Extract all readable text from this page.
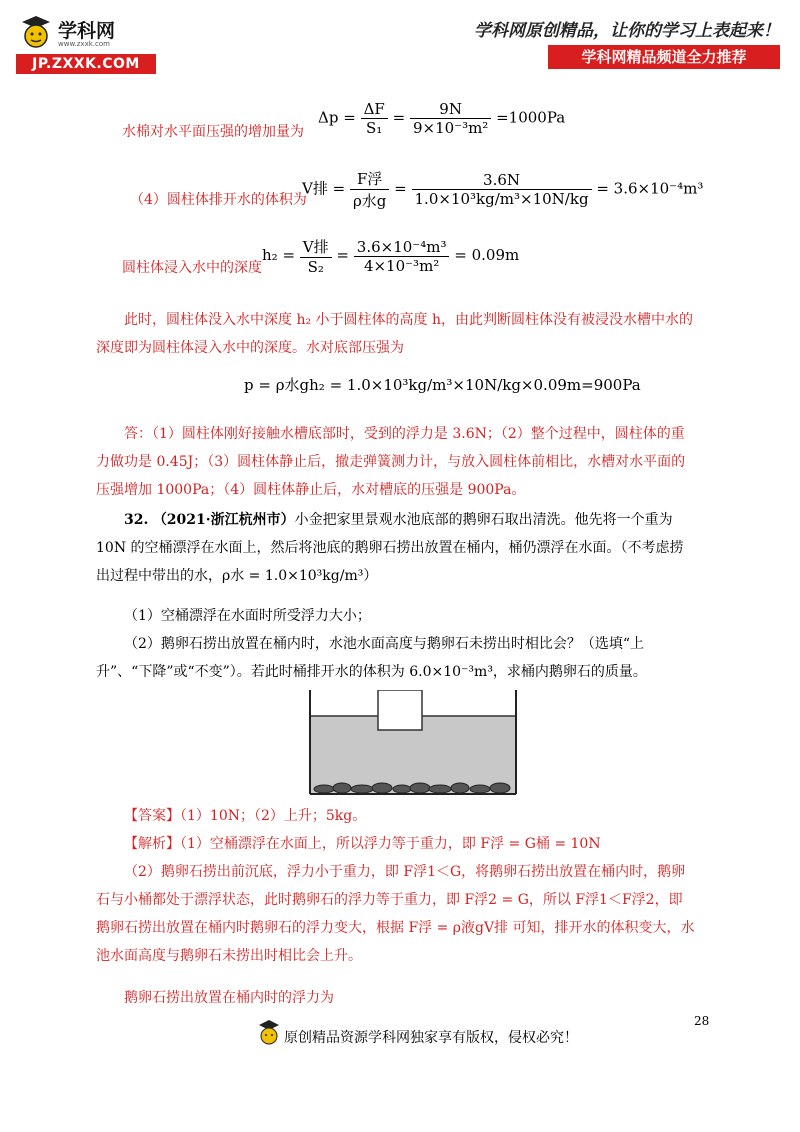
学科网
www.zxxk.com
JP.ZXXK.COM
学科网原创精品，让你的学习上表起来！
学科网精品频道全力推荐
水棉对水平面压强的增加量为
$\Delta p = \frac{\Delta F}{\text{S₁}} = \frac{9N}{\text{9×10⁻³m²}} =1000Pa$
（4）圆柱体排开水的体积为
V排 = $\frac{\text{F浮}}{\text{ρ水g}} = \frac{3.6N}{\text{1.0×10³kg/m³×10N/kg}} = 3.6\times 10^{-4}m^3$
圆柱体浸入水中的深度
$h_2 = \frac{\text{V排}}{\text{S₂}} = \frac{\text{3.6×10⁻⁴m³}}{\text{4×10⁻³m²}} = 0.09m$
此时，圆柱体没入水中深度 h₂ 小于圆柱体的高度 h，由此判断圆柱体没有被浸没水槽中水的深度即为圆柱体浸入水中的深度。水对底部压强为
p = ρ水gh₂ = 1.0×10³kg/m³×10N/kg×0.09m=900Pa
答：（1）圆柱体刚好接触水槽底部时，受到的浮力是 3.6N；（2）整个过程中，圆柱体的重力做功是 0.45J；（3）圆柱体静止后，撤走弹簧测力计，与放入圆柱体前相比，水槽对水平面的压强增加 1000Pa；（4）圆柱体静止后，水对槽底的压强是 900Pa。
32. （2021·浙江杭州市）小金把家里景观水池底部的鹅卵石取出清洗。他先将一个重为 10N 的空桶漂浮在水面上，然后将池底的鹅卵石捞出放置在桶内，桶仍漂浮在水面。（不考虑捞出过程中带出的水，ρ水 = 1.0×10³kg/m³）
（1）空桶漂浮在水面时所受浮力大小；
（2）鹅卵石捞出放置在桶内时，水池水面高度与鹅卵石未捞出时相比会？（选填“上升”、“下降”或“不变”）。若此时桶排开水的体积为 6.0×10⁻³m³，求桶内鹅卵石的质量。
【答案】（1）10N；（2）上升；5kg。
【解析】（1）空桶漂浮在水面上，所以浮力等于重力，即 F浮 = G桶 = 10N
（2）鹅卵石捞出前沉底，浮力小于重力，即 F浮1＜G，将鹅卵石捞出放置在桶内时，鹅卵石与小桶都处于漂浮状态，此时鹅卵石的浮力等于重力，即 F浮2 = G，所以 F浮1＜F浮2，即鹅卵石捞出放置在桶内时鹅卵石的浮力变大，根据 F浮 = ρ液gV排 可知，排开水的体积变大，水池水面高度与鹅卵石未捞出时相比会上升。
鹅卵石捞出放置在桶内时的浮力为
28
原创精品资源学科网独家享有版权，侵权必究！
